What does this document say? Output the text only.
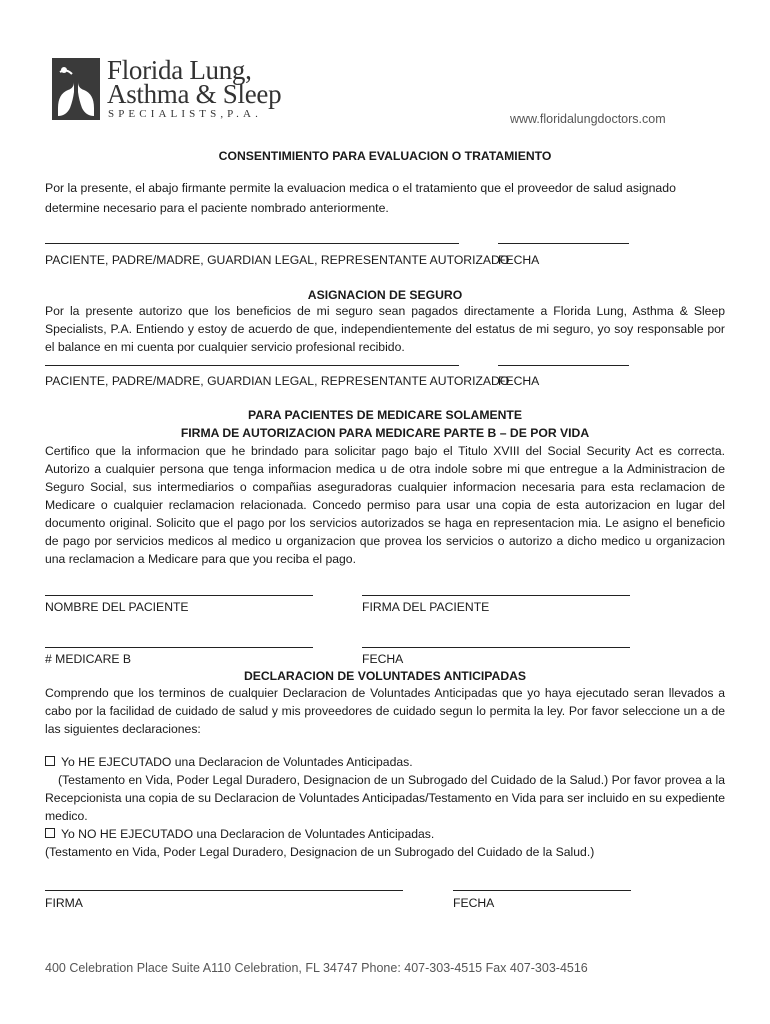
Florida Lung,
Asthma & Sleep
SPECIALISTS,P.A.	www.floridalungdoctors.com
CONSENTIMIENTO PARA EVALUACION O TRATAMIENTO
Por la presente, el abajo firmante permite la evaluacion medica o el tratamiento que el proveedor de salud asignado determine necesario para el paciente nombrado anteriormente.
PACIENTE, PADRE/MADRE, GUARDIAN LEGAL, REPRESENTANTE AUTORIZADO
FECHA
ASIGNACION DE SEGURO
Por la presente autorizo que los beneficios de mi seguro sean pagados directamente a Florida Lung, Asthma & Sleep Specialists, P.A. Entiendo y estoy de acuerdo de que, independientemente del estatus de mi seguro, yo soy responsable por el balance en mi cuenta por cualquier servicio profesional recibido.
PACIENTE, PADRE/MADRE, GUARDIAN LEGAL, REPRESENTANTE AUTORIZADO
FECHA
PARA PACIENTES DE MEDICARE SOLAMENTE
FIRMA DE AUTORIZACION PARA MEDICARE PARTE B – DE POR VIDA
Certifico que la informacion que he brindado para solicitar pago bajo el Titulo XVIII del Social Security Act es correcta. Autorizo a cualquier persona que tenga informacion medica u de otra indole sobre mi que entregue a la Administracion de Seguro Social, sus intermediarios o compañias aseguradoras cualquier informacion necesaria para esta reclamacion de Medicare o cualquier reclamacion relacionada. Concedo permiso para usar una copia de esta autorizacion en lugar del documento original. Solicito que el pago por los servicios autorizados se haga en representacion mia. Le asigno el beneficio de pago por servicios medicos al medico u organizacion que provea los servicios o autorizo a dicho medico u organizacion una reclamacion a Medicare para que you reciba el pago.
NOMBRE DEL PACIENTE	FIRMA DEL PACIENTE
# MEDICARE B	FECHA
DECLARACION DE VOLUNTADES ANTICIPADAS
Comprendo que los terminos de cualquier Declaracion de Voluntades Anticipadas que yo haya ejecutado seran llevados a cabo por la facilidad de cuidado de salud y mis proveedores de cuidado segun lo permita la ley. Por favor seleccione un a de las siguientes declaraciones:
Yo HE EJECUTADO una Declaracion de Voluntades Anticipadas.
(Testamento en Vida, Poder Legal Duradero, Designacion de un Subrogado del Cuidado de la Salud.) Por favor provea a la Recepcionista una copia de su Declaracion de Voluntades Anticipadas/Testamento en Vida para ser incluido en su expediente medico.
Yo NO HE EJECUTADO una Declaracion de Voluntades Anticipadas.
(Testamento en Vida, Poder Legal Duradero, Designacion de un Subrogado del Cuidado de la Salud.)
FIRMA	FECHA
400 Celebration Place Suite A110 Celebration, FL 34747 Phone: 407-303-4515 Fax 407-303-4516
